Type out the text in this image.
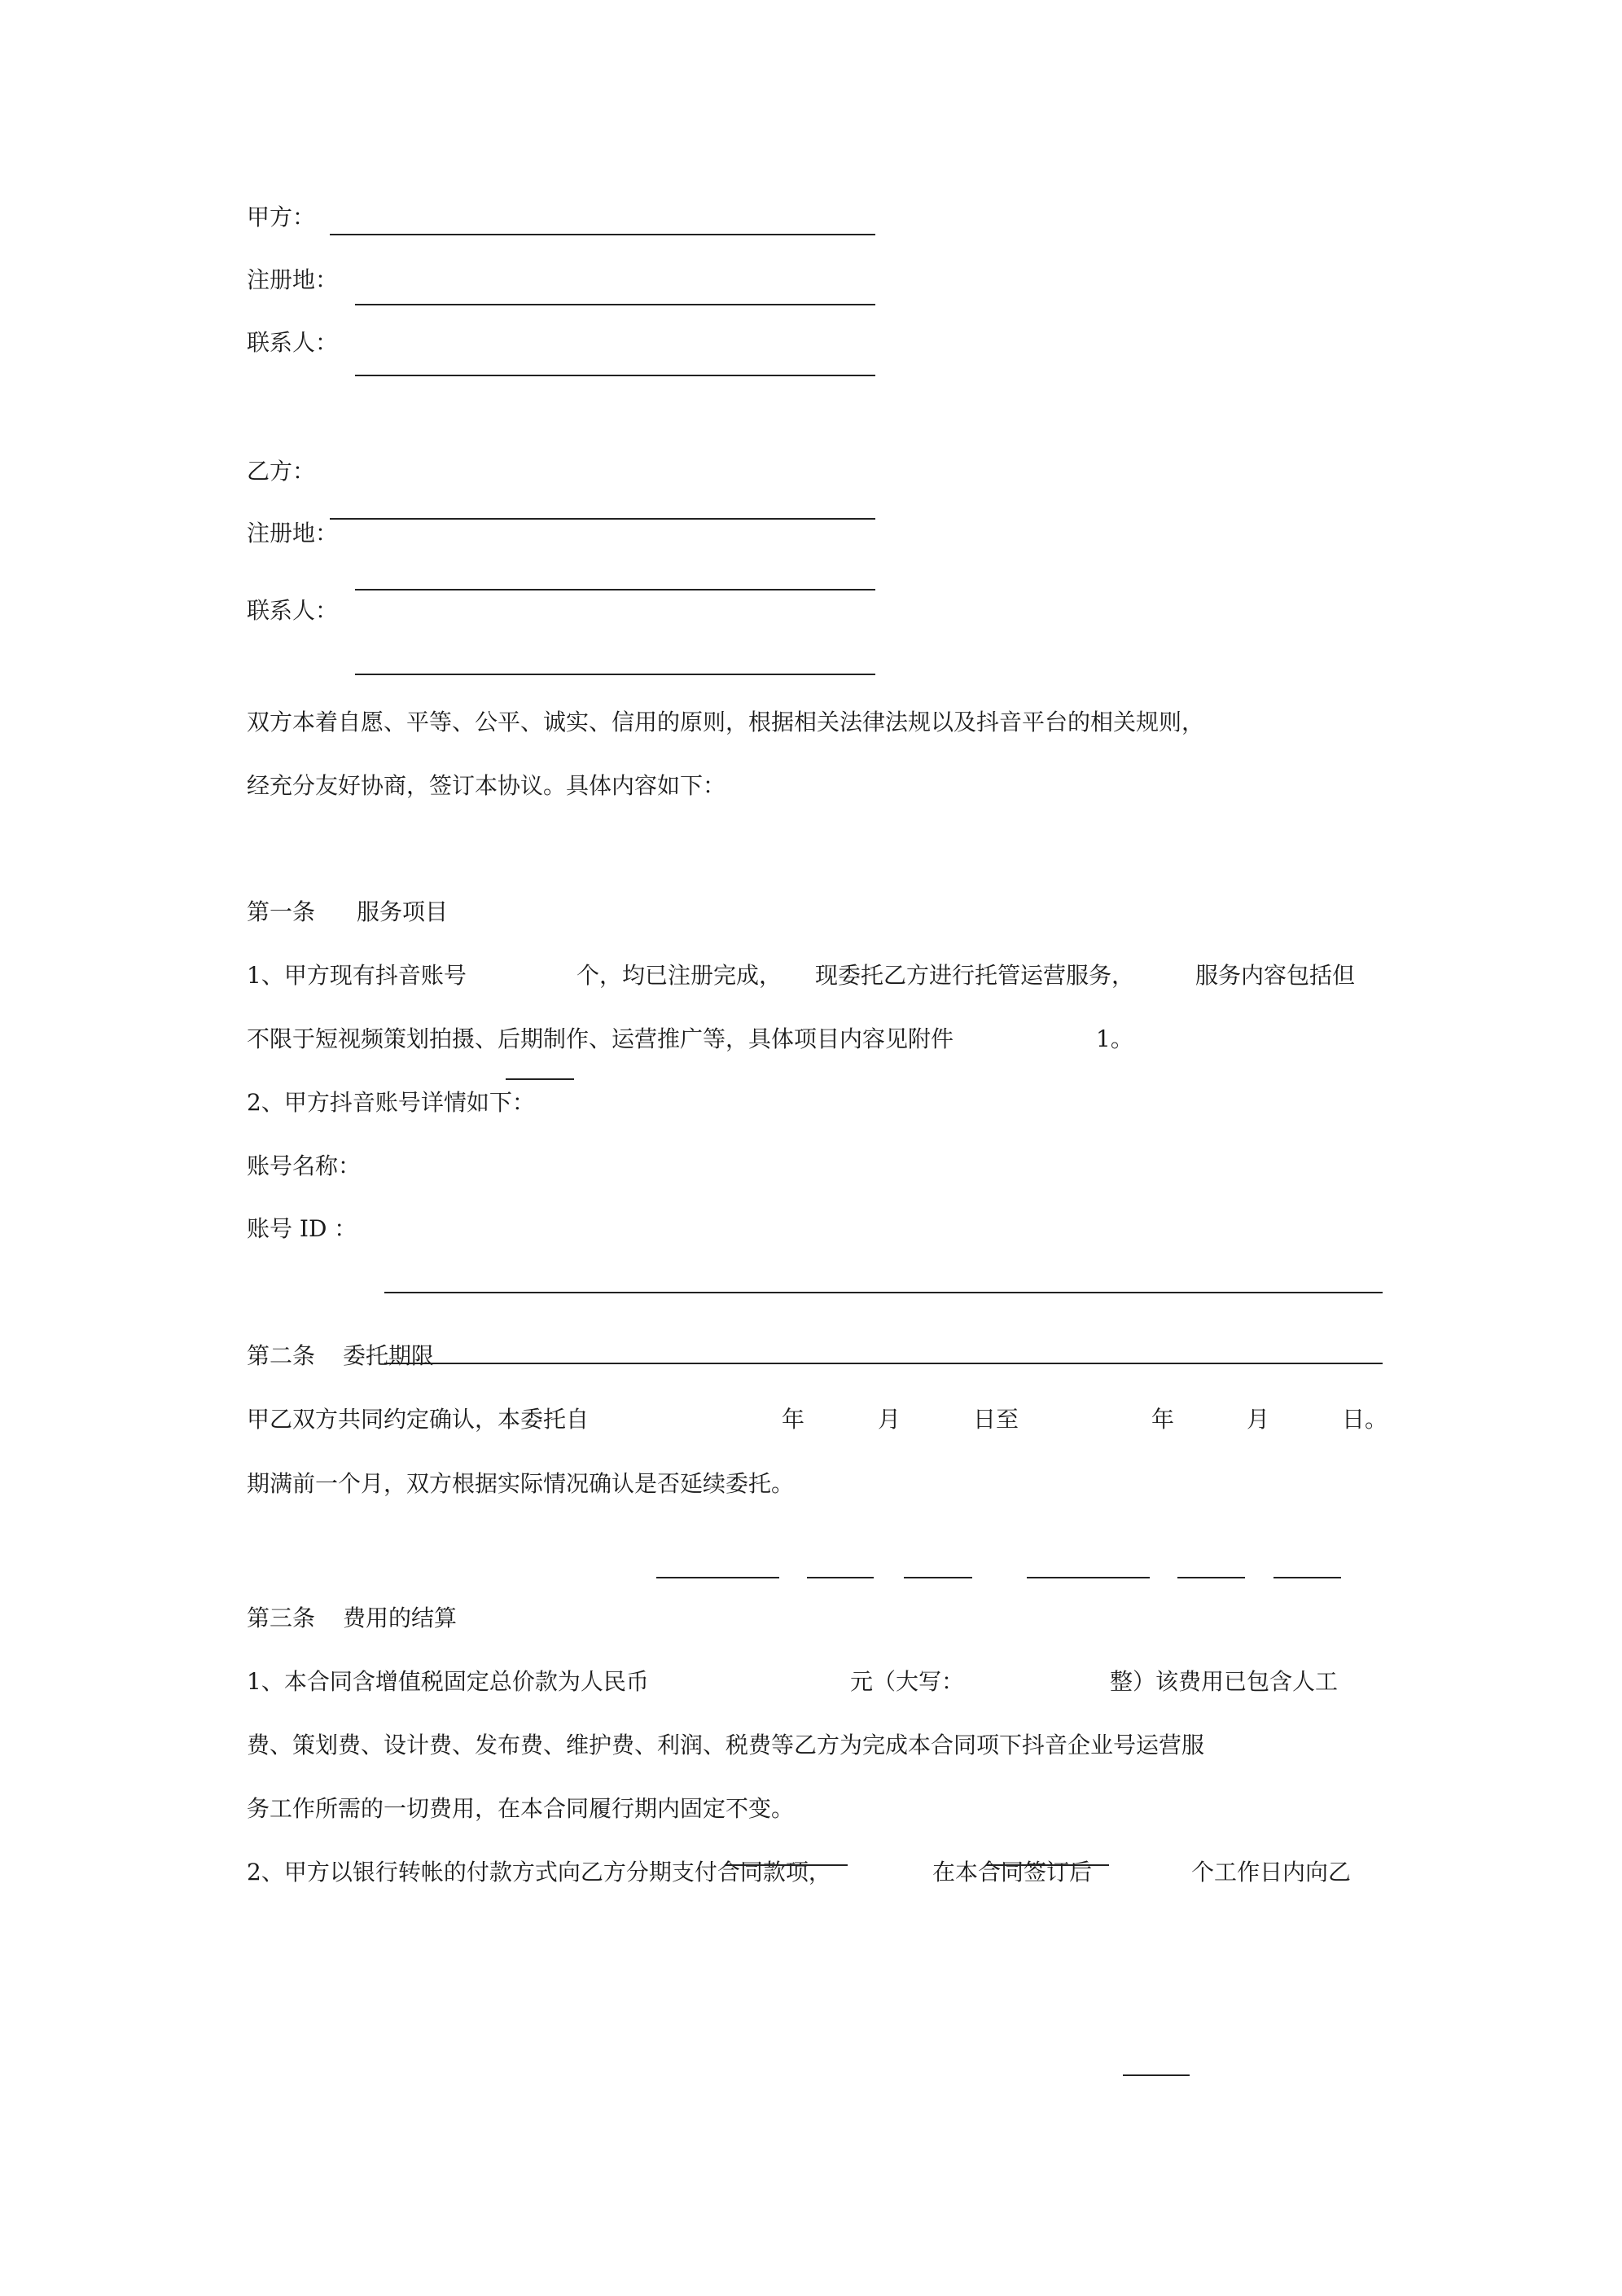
甲方：
注册地：
联系人：
乙方：
注册地：
联系人：
双方本着自愿、平等、公平、诚实、信用的原则，根据相关法律法规以及抖音平台的相关规则，
经充分友好协商，签订本协议。具体内容如下：
第一条 服务项目
1、甲方现有抖音账号	个，均已注册完成， 现委托乙方进行托管运营服务，	服务内容包括但
不限于短视频策划拍摄、后期制作、运营推广等，具体项目内容见附件	1。
2、甲方抖音账号详情如下：
账号名称：
账号 ID ：
第二条 委托期限
甲乙双方共同约定确认，本委托自	年	月	日至	年	月	日。
期满前一个月，双方根据实际情况确认是否延续委托。
第三条 费用的结算
1、本合同含增值税固定总价款为人民币	元（大写：	整）该费用已包含人工
费、策划费、设计费、发布费、维护费、利润、税费等乙方为完成本合同项下抖音企业号运营服
务工作所需的一切费用，在本合同履行期内固定不变。
2、甲方以银行转帐的付款方式向乙方分期支付合同款项，	在本合同签订后	个工作日内向乙
